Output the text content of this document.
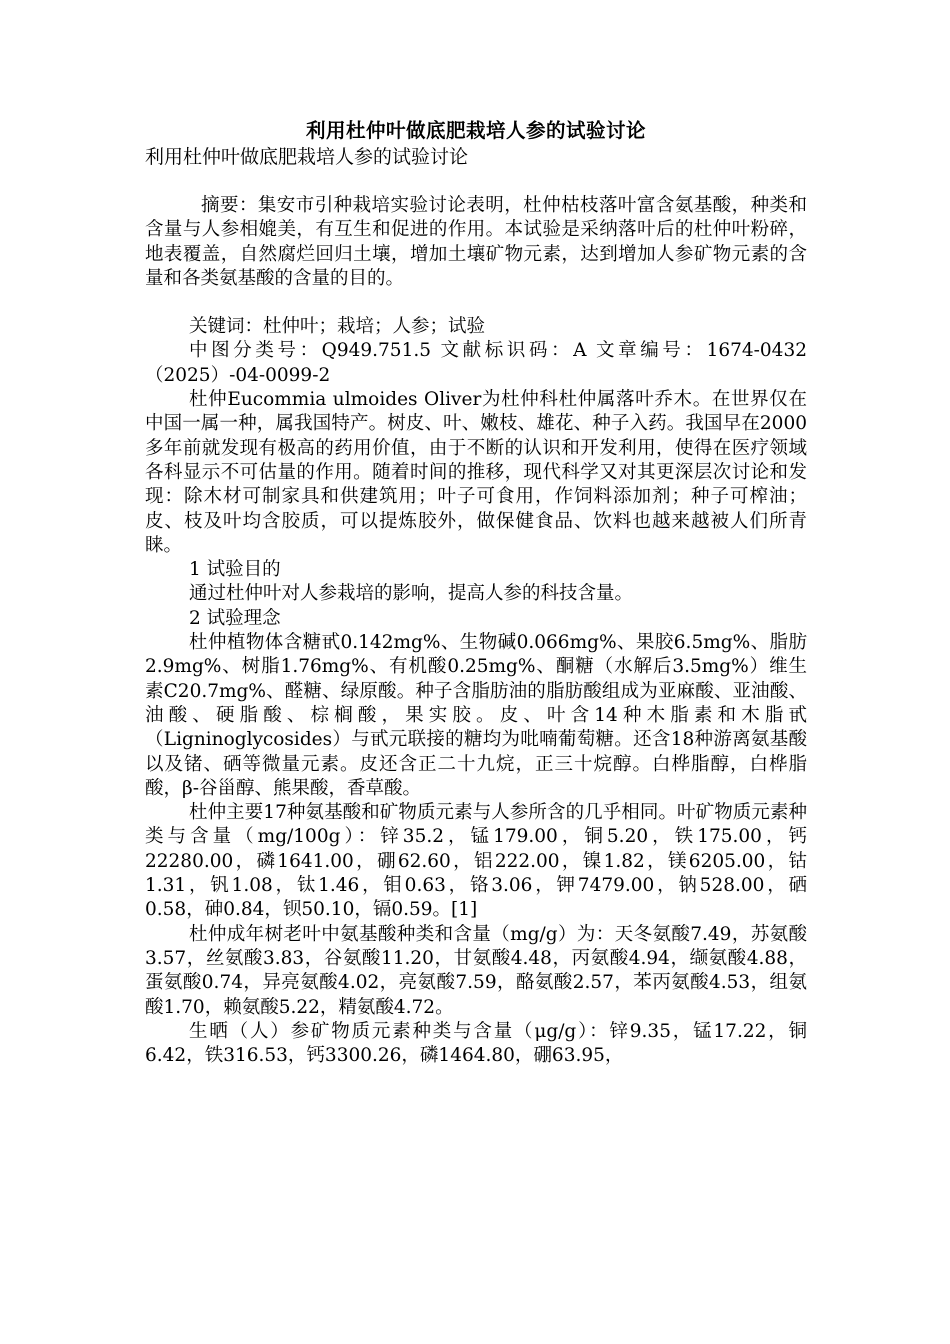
利用杜仲叶做底肥栽培人参的试验讨论

利用杜仲叶做底肥栽培人参的试验讨论

摘要：集安市引种栽培实验讨论表明，杜仲枯枝落叶富含氨基酸，种类和含量与人参相媲美，有互生和促进的作用。本试验是采纳落叶后的杜仲叶粉碎，地表覆盖，自然腐烂回归土壤，增加土壤矿物元素，达到增加人参矿物元素的含量和各类氨基酸的含量的目的。

关键词：杜仲叶；栽培；人参；试验

中图分类号：Q949.751.5 文献标识码：A 文章编号：1674-0432（2025）-04-0099-2

杜仲Eucommia ulmoides Oliver为杜仲科杜仲属落叶乔木。在世界仅在中国一属一种，属我国特产。树皮、叶、嫩枝、雄花、种子入药。我国早在2000多年前就发现有极高的药用价值，由于不断的认识和开发利用，使得在医疗领域各科显示不可估量的作用。随着时间的推移，现代科学又对其更深层次讨论和发现：除木材可制家具和供建筑用；叶子可食用，作饲料添加剂；种子可榨油；皮、枝及叶均含胶质，可以提炼胶外，做保健食品、饮料也越来越被人们所青睐。

1 试验目的

通过杜仲叶对人参栽培的影响，提高人参的科技含量。

2 试验理念

杜仲植物体含糖甙0.142mg%、生物碱0.066mg%、果胶6.5mg%、脂肪2.9mg%、树脂1.76mg%、有机酸0.25mg%、酮糖（水解后3.5mg%）维生素C20.7mg%、醛糖、绿原酸。种子含脂肪油的脂肪酸组成为亚麻酸、亚油酸、油酸、硬脂酸、棕榈酸，果实胶。皮、叶含14种木脂素和木脂甙（Ligninoglycosides）与甙元联接的糖均为吡喃葡萄糖。还含18种游离氨基酸以及锗、硒等微量元素。皮还含正二十九烷，正三十烷醇。白桦脂醇，白桦脂酸，β-谷甾醇、熊果酸，香草酸。

杜仲主要17种氨基酸和矿物质元素与人参所含的几乎相同。叶矿物质元素种类与含量（mg/100g）：锌35.2，锰179.00，铜5.20，铁175.00，钙22280.00，磷1641.00，硼62.60，铝222.00，镍1.82，镁6205.00，钴1.31，钒1.08，钛1.46，钼0.63，铬3.06，钾7479.00，钠528.00，硒0.58，砷0.84，钡50.10，镉0.59。[1]

杜仲成年树老叶中氨基酸种类和含量（mg/g）为：天冬氨酸7.49，苏氨酸3.57，丝氨酸3.83，谷氨酸11.20，甘氨酸4.48，丙氨酸4.94，缬氨酸4.88，蛋氨酸0.74，异亮氨酸4.02，亮氨酸7.59，酪氨酸2.57，苯丙氨酸4.53，组氨酸1.70，赖氨酸5.22，精氨酸4.72。

生晒（人）参矿物质元素种类与含量（μg/g）：锌9.35，锰17.22，铜6.42，铁316.53，钙3300.26，磷1464.80，硼63.95，
